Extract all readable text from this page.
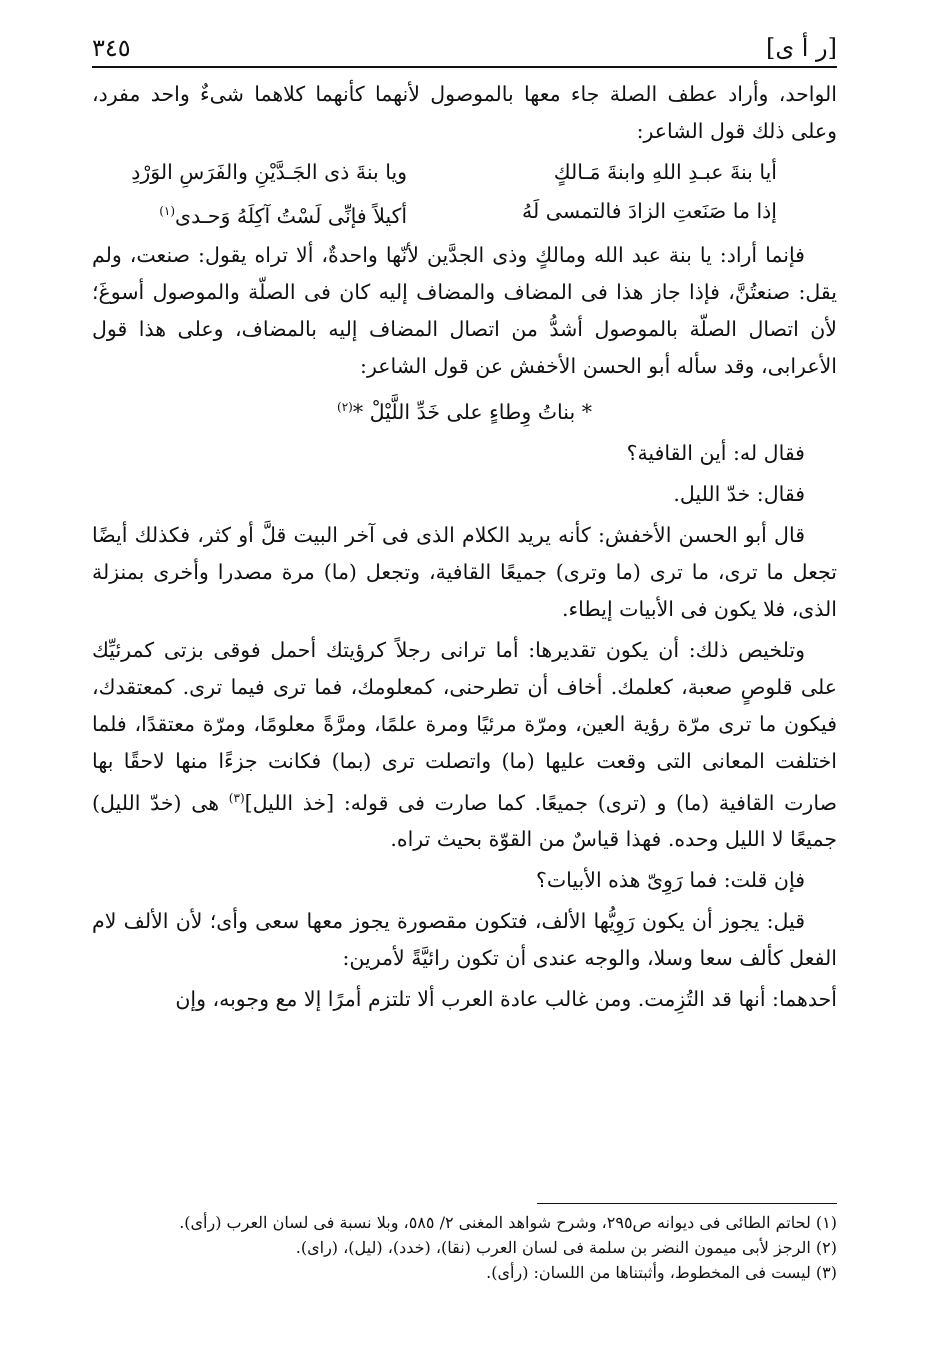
[ر أ ى]
٣٤٥

الواحد، وأراد عطف الصلة جاء معها بالموصول لأنهما كأنهما كلاهما شىءٌ واحد مفرد، وعلى ذلك قول الشاعر:

أيا بنةَ عبـدِ اللهِ وابنةَ مَـالكٍ
ويا بنةَ ذى الجَـدَّيْنِ والفَرَسِ الوَرْدِ
إذا ما صَنَعتِ الزادَ فالتمسى لَهُ
أكيلاً فإنِّى لَسْتُ آكِلَهُ وَحـدى$^{(١)}$

فإنما أراد: يا بنة عبد الله ومالكٍ وذى الجدَّين لأنّها واحدةٌ، ألا تراه يقول: صنعت، ولم يقل: صنعتُنَّ، فإذا جاز هذا فى المضاف والمضاف إليه كان فى الصلّة والموصول أسوغَ؛ لأن اتصال الصلّة بالموصول أشدُّ من اتصال المضاف إليه بالمضاف، وعلى هذا قول الأعرابى، وقد سأله أبو الحسن الأخفش عن قول الشاعر:

* بناتُ وِطاءٍ على خَدِّ اللَّيْلْ *$^{(٢)}$

فقال له: أين القافية؟

فقال: خدّ الليل.

قال أبو الحسن الأخفش: كأنه يريد الكلام الذى فى آخر البيت قلَّ أو كثر، فكذلك أيضًا تجعل ما ترى، ما ترى (ما وترى) جميعًا القافية، وتجعل (ما) مرة مصدرا وأخرى بمنزلة الذى، فلا يكون فى الأبيات إيطاء.

وتلخيص ذلك: أن يكون تقديرها: أما ترانى رجلاً كرؤيتك أحمل فوقى بزتى كمرئيِّك على قلوصٍ صعبة، كعلمك. أخاف أن تطرحنى، كمعلومك، فما ترى فيما ترى. كمعتقدك، فيكون ما ترى مرّة رؤية العين، ومرّة مرئيًا ومرة علمًا، ومرَّةً معلومًا، ومرّة معتقدًا، فلما اختلفت المعانى التى وقعت عليها (ما) واتصلت ترى (بما) فكانت جزءًا منها لاحقًا بها صارت القافية (ما) و (ترى) جميعًا. كما صارت فى قوله: [خذ الليل]$^{(٣)}$ هى (خدّ الليل) جميعًا لا الليل وحده. فهذا قياسٌ من القوّة بحيث تراه.

فإن قلت: فما رَوِىّ هذه الأبيات؟

قيل: يجوز أن يكون رَوِيُّها الألف، فتكون مقصورة يجوز معها سعى وأى؛ لأن الألف لام الفعل كألف سعا وسلا، والوجه عندى أن تكون رائيَّةً لأمرين:

أحدهما: أنها قد التُزِمت. ومن غالب عادة العرب ألا تلتزم أمرًا إلا مع وجوبه، وإن

(١) لحاتم الطائى فى ديوانه ص٢٩٥، وشرح شواهد المغنى ٢/ ٥٨٥، وبلا نسبة فى لسان العرب (رأى).
(٢) الرجز لأبى ميمون النضر بن سلمة فى لسان العرب (نقا)، (خدد)، (ليل)، (راى).
(٣) ليست فى المخطوط، وأثبتناها من اللسان: (رأى).
